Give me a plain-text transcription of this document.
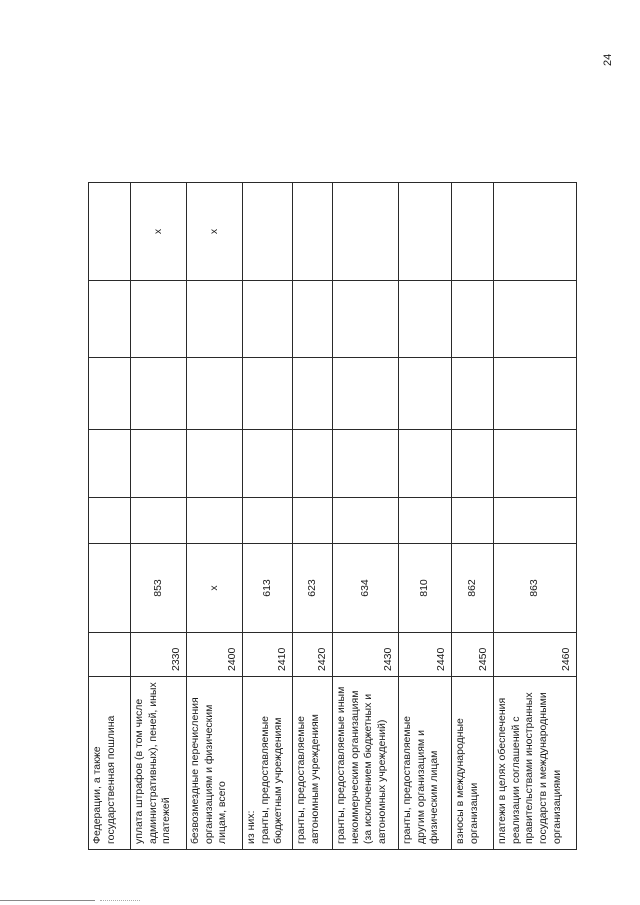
24
Федерации, а также государственная пошлина							
уплата штрафов (в том числе административных), пеней, иных платежей	2330	853					x
безвозмездные перечисления организациям и физическим лицам, всего	2400	x					x
из них: гранты, предоставляемые бюджетным учреждениям	2410	613					
гранты, предоставляемые автономным учреждениям	2420	623					
гранты, предоставляемые иным некоммерческим организациям (за исключением бюджетных и автономных учреждений)	2430	634					
гранты, предоставляемые другим организациям и физическим лицам	2440	810					
взносы в международные организации	2450	862					
платежи в целях обеспечения реализации соглашений с правительствами иностранных государств и международными организациями	2460	863					
